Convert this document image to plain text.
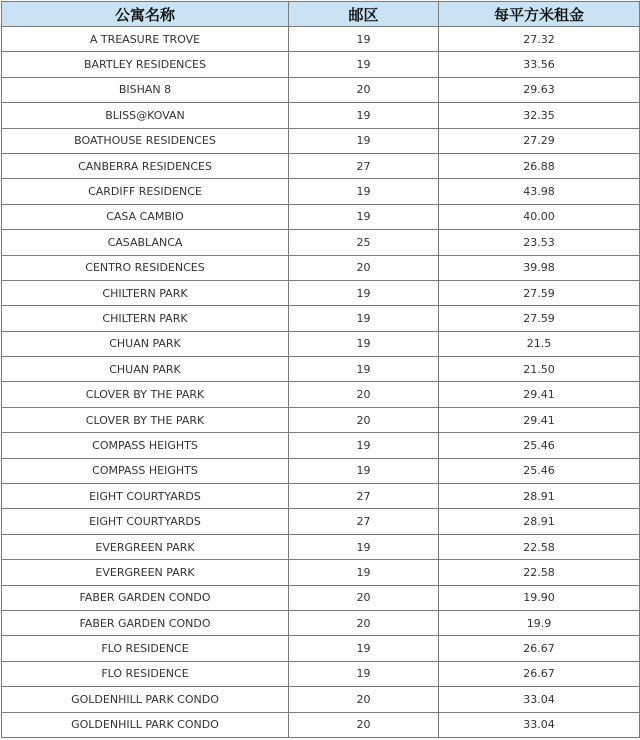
公寓名称	邮区	每平方米租金
A TREASURE TROVE	19	27.32
BARTLEY RESIDENCES	19	33.56
BISHAN 8	20	29.63
BLISS@KOVAN	19	32.35
BOATHOUSE RESIDENCES	19	27.29
CANBERRA RESIDENCES	27	26.88
CARDIFF RESIDENCE	19	43.98
CASA CAMBIO	19	40.00
CASABLANCA	25	23.53
CENTRO RESIDENCES	20	39.98
CHILTERN PARK	19	27.59
CHILTERN PARK	19	27.59
CHUAN PARK	19	21.5
CHUAN PARK	19	21.50
CLOVER BY THE PARK	20	29.41
CLOVER BY THE PARK	20	29.41
COMPASS HEIGHTS	19	25.46
COMPASS HEIGHTS	19	25.46
EIGHT COURTYARDS	27	28.91
EIGHT COURTYARDS	27	28.91
EVERGREEN PARK	19	22.58
EVERGREEN PARK	19	22.58
FABER GARDEN CONDO	20	19.90
FABER GARDEN CONDO	20	19.9
FLO RESIDENCE	19	26.67
FLO RESIDENCE	19	26.67
GOLDENHILL PARK CONDO	20	33.04
GOLDENHILL PARK CONDO	20	33.04
